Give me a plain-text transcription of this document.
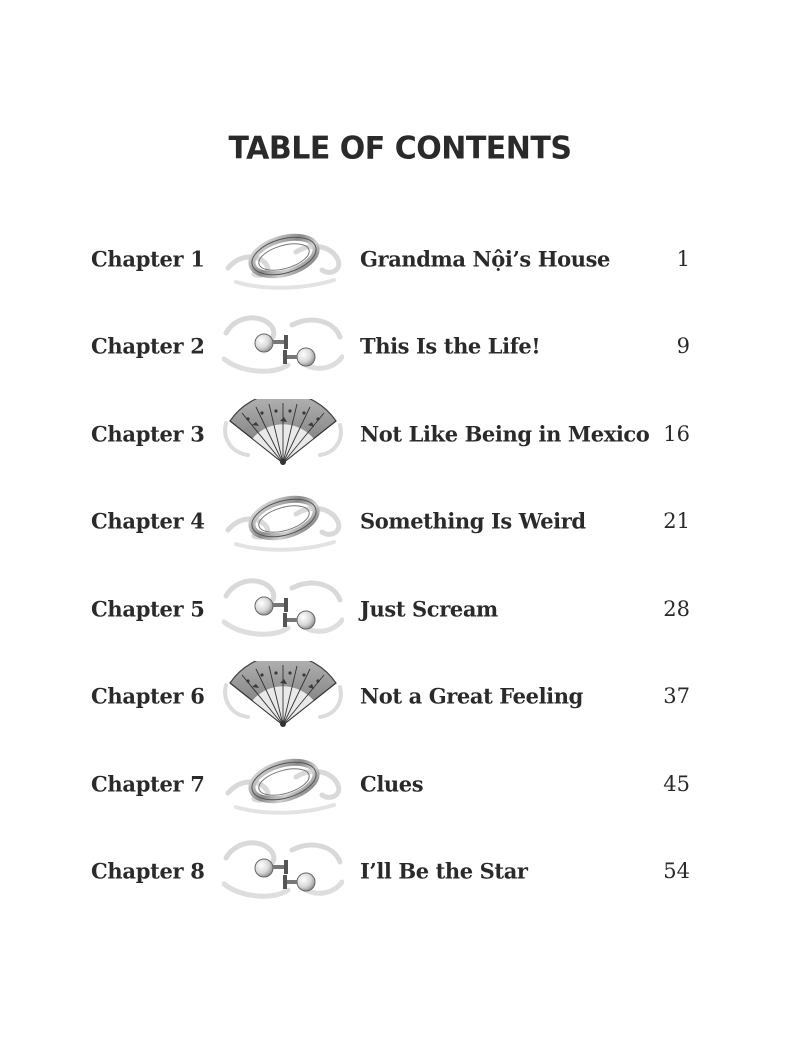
TABLE OF CONTENTS
Chapter 1	Grandma Nội’s House	1
Chapter 2	This Is the Life!	9
Chapter 3	Not Like Being in Mexico 16
Chapter 4	Something Is Weird	21
Chapter 5	Just Scream	28
Chapter 6	Not a Great Feeling	37
Chapter 7	Clues	45
Chapter 8	I’ll Be the Star	54
